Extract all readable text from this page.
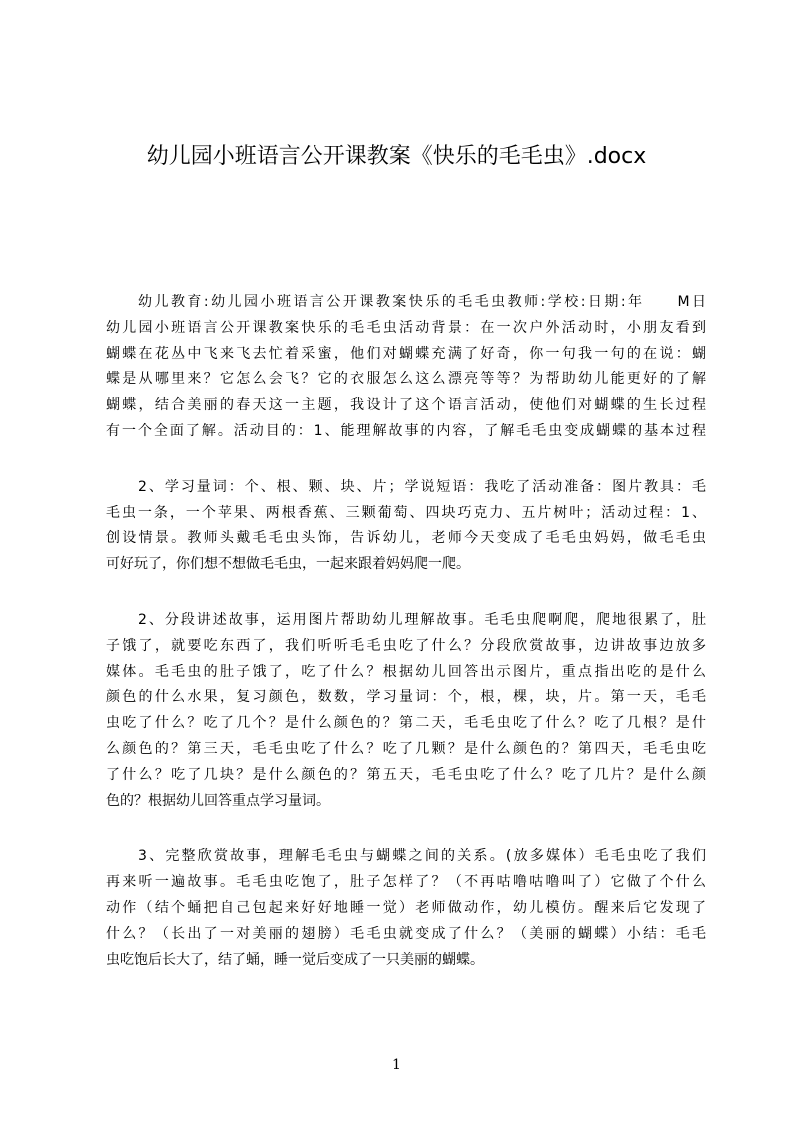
幼儿园小班语言公开课教案《快乐的毛毛虫》.docx
幼儿教育:幼儿园小班语言公开课教案快乐的毛毛虫教师:学校:日期:年　　M日
幼儿园小班语言公开课教案快乐的毛毛虫活动背景：在一次户外活动时，小朋友看到
蝴蝶在花丛中飞来飞去忙着采蜜，他们对蝴蝶充满了好奇，你一句我一句的在说：蝴
蝶是从哪里来？它怎么会飞？它的衣服怎么这么漂亮等等？为帮助幼儿能更好的了解
蝴蝶，结合美丽的春天这一主题，我设计了这个语言活动，使他们对蝴蝶的生长过程
有一个全面了解。活动目的：1、能理解故事的内容，了解毛毛虫变成蝴蝶的基本过程
2、学习量词：个、根、颗、块、片；学说短语：我吃了活动准备：图片教具：毛
毛虫一条，一个苹果、两根香蕉、三颗葡萄、四块巧克力、五片树叶；活动过程：1、
创设情景。教师头戴毛毛虫头饰，告诉幼儿，老师今天变成了毛毛虫妈妈，做毛毛虫
可好玩了，你们想不想做毛毛虫，一起来跟着妈妈爬一爬。
2、分段讲述故事，运用图片帮助幼儿理解故事。毛毛虫爬啊爬，爬地很累了，肚
子饿了，就要吃东西了，我们听听毛毛虫吃了什么？分段欣赏故事，边讲故事边放多
媒体。毛毛虫的肚子饿了，吃了什么？根据幼儿回答出示图片，重点指出吃的是什么
颜色的什么水果，复习颜色，数数，学习量词：个，根，棵，块，片。第一天，毛毛
虫吃了什么？吃了几个？是什么颜色的？第二天，毛毛虫吃了什么？吃了几根？是什
么颜色的？第三天，毛毛虫吃了什么？吃了几颗？是什么颜色的？第四天，毛毛虫吃
了什么？吃了几块？是什么颜色的？第五天，毛毛虫吃了什么？吃了几片？是什么颜
色的？根据幼儿回答重点学习量词。
3、完整欣赏故事，理解毛毛虫与蝴蝶之间的关系。(放多媒体）毛毛虫吃了我们
再来听一遍故事。毛毛虫吃饱了，肚子怎样了？（不再咕噜咕噜叫了）它做了个什么
动作（结个蛹把自己包起来好好地睡一觉）老师做动作，幼儿模仿。醒来后它发现了
什么？（长出了一对美丽的翅膀）毛毛虫就变成了什么？（美丽的蝴蝶）小结：毛毛
虫吃饱后长大了，结了蛹，睡一觉后变成了一只美丽的蝴蝶。
1
